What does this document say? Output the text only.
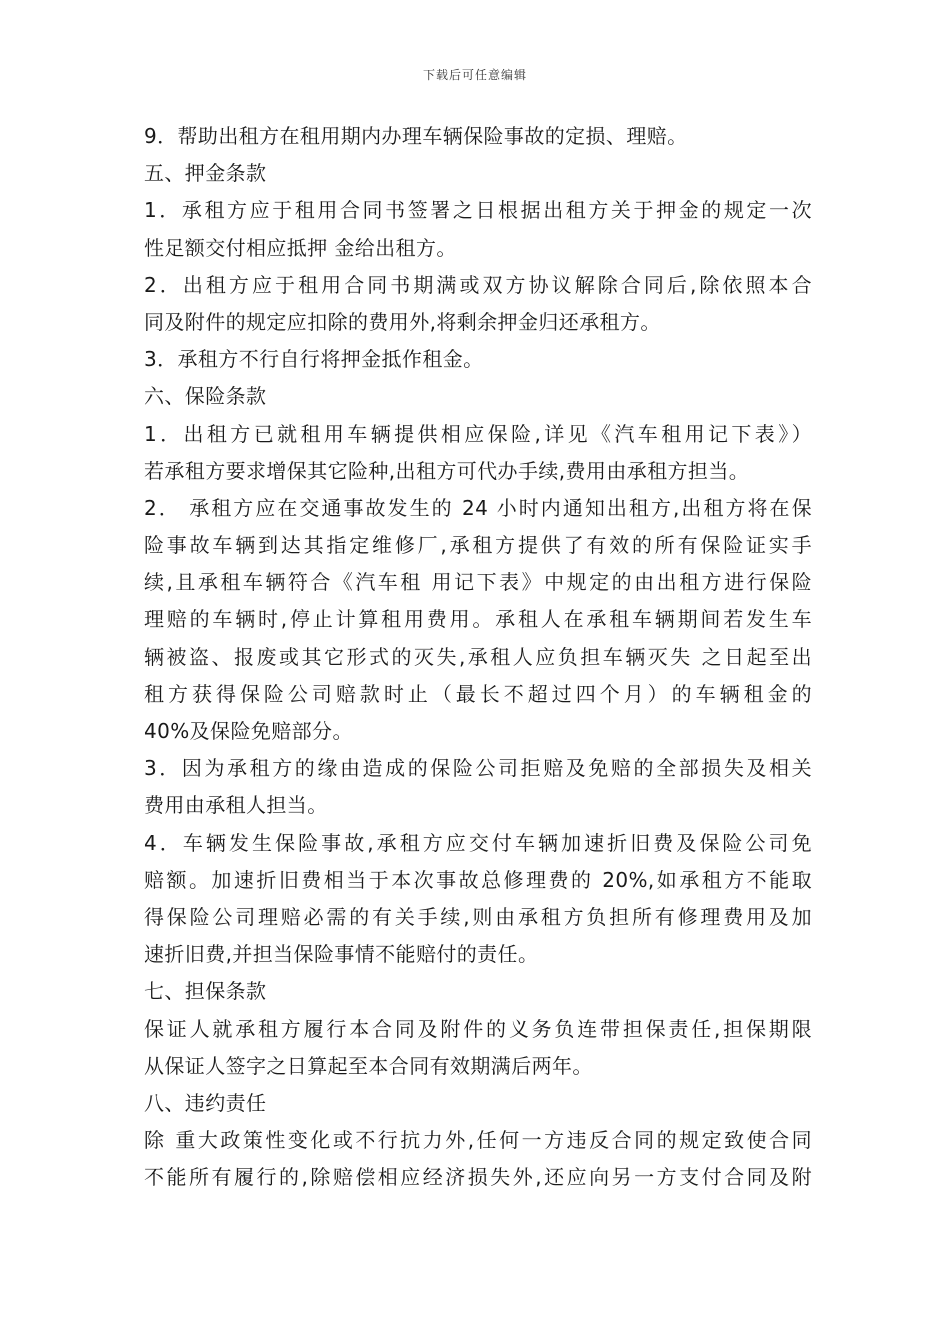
下载后可任意编辑
9．帮助出租方在租用期内办理车辆保险事故的定损、理赔。
五、押金条款
1．承租方应于租用合同书签署之日根据出租方关于押金的规定一次
性足额交付相应抵押 金给出租方。
2．出租方应于租用合同书期满或双方协议解除合同后,除依照本合
同及附件的规定应扣除的费用外,将剩余押金归还承租方。
3．承租方不行自行将押金抵作租金。
六、保险条款
1．出租方已就租用车辆提供相应保险,详见《汽车租用记下表》）
若承租方要求增保其它险种,出租方可代办手续,费用由承租方担当。
2． 承租方应在交通事故发生的 24 小时内通知出租方,出租方将在保
险事故车辆到达其指定维修厂,承租方提供了有效的所有保险证实手
续,且承租车辆符合《汽车租 用记下表》中规定的由出租方进行保险
理赔的车辆时,停止计算租用费用。承租人在承租车辆期间若发生车
辆被盗、报废或其它形式的灭失,承租人应负担车辆灭失 之日起至出
租方获得保险公司赔款时止（最长不超过四个月）的车辆租金的
40%及保险免赔部分。
3．因为承租方的缘由造成的保险公司拒赔及免赔的全部损失及相关
费用由承租人担当。
4．车辆发生保险事故,承租方应交付车辆加速折旧费及保险公司免
赔额。加速折旧费相当于本次事故总修理费的 20%,如承租方不能取
得保险公司理赔必需的有关手续,则由承租方负担所有修理费用及加
速折旧费,并担当保险事情不能赔付的责任。
七、担保条款
保证人就承租方履行本合同及附件的义务负连带担保责任,担保期限
从保证人签字之日算起至本合同有效期满后两年。
八、违约责任
除 重大政策性变化或不行抗力外,任何一方违反合同的规定致使合同
不能所有履行的,除赔偿相应经济损失外,还应向另一方支付合同及附
